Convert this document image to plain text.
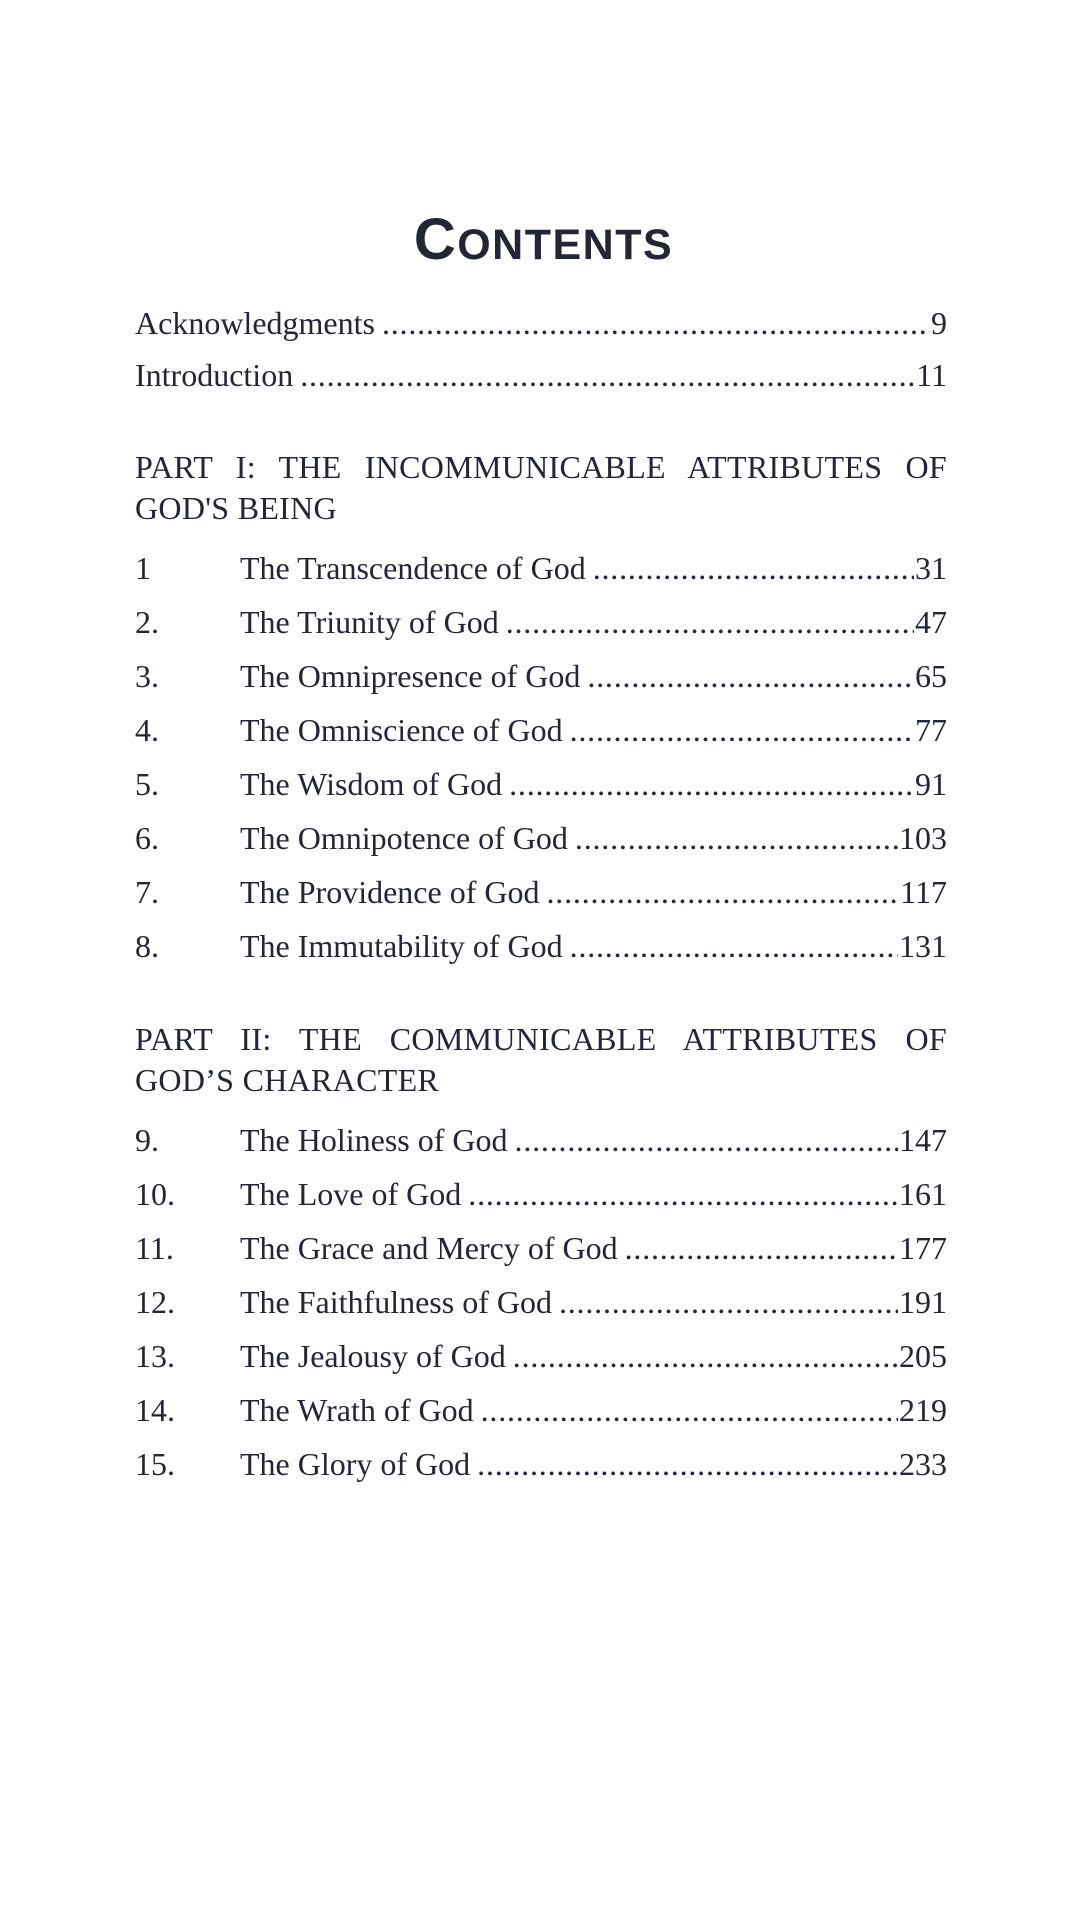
CONTENTS
Acknowledgments .....	9
Introduction .....	11
PART I: THE INCOMMUNICABLE ATTRIBUTES OF
GOD'S BEING
1	The Transcendence of God .....	31
2.	The Triunity of God .....	47
3.	The Omnipresence of God .....	65
4.	The Omniscience of God .....	77
5.	The Wisdom of God .....	91
6.	The Omnipotence of God .....	103
7.	The Providence of God .....	117
8.	The Immutability of God .....	131
PART II: THE COMMUNICABLE ATTRIBUTES OF
GOD’S CHARACTER
9.	The Holiness of God .....	147
10.	The Love of God .....	161
11.	The Grace and Mercy of God .....	177
12.	The Faithfulness of God .....	191
13.	The Jealousy of God .....	205
14.	The Wrath of God .....	219
15.	The Glory of God .....	233
